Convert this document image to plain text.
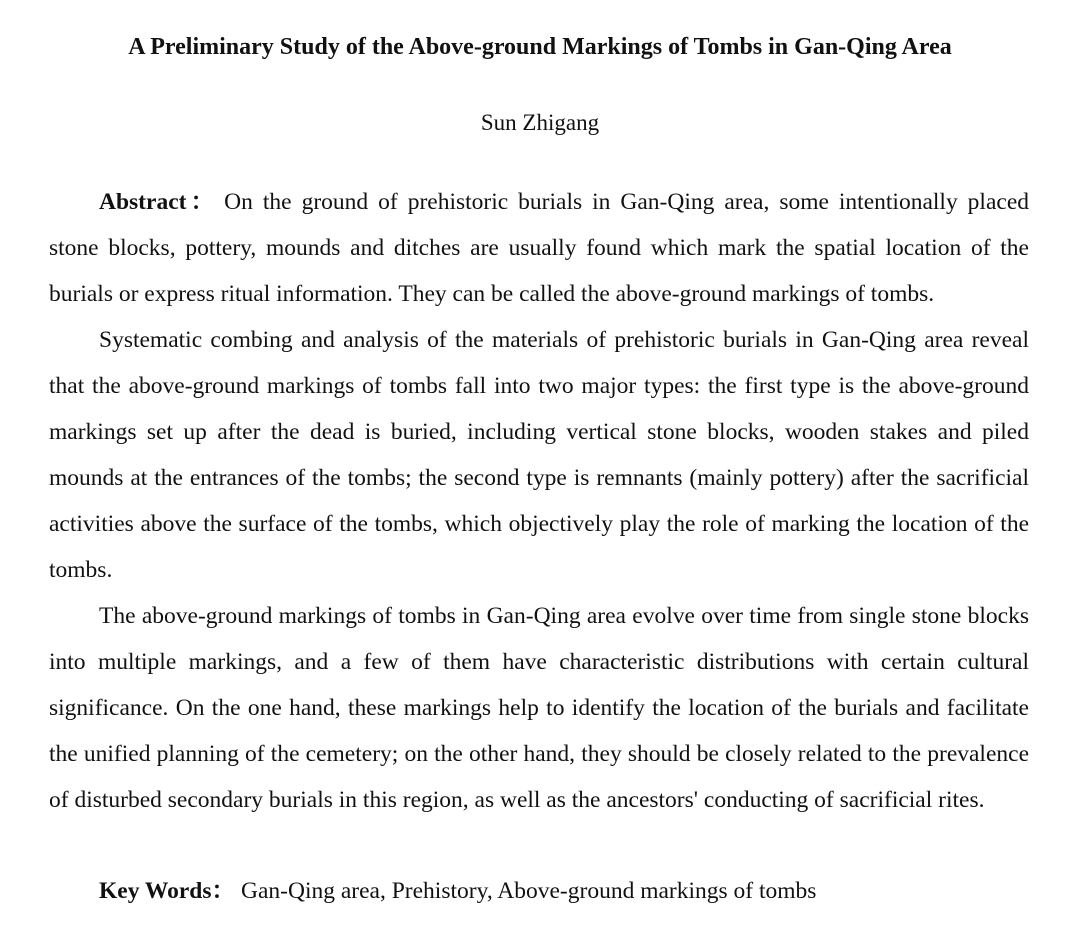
A Preliminary Study of the Above-ground Markings of Tombs in Gan-Qing Area
Sun Zhigang

Abstract： On the ground of prehistoric burials in Gan-Qing area, some intentionally placed stone blocks, pottery, mounds and ditches are usually found which mark the spatial location of the burials or express ritual information. They can be called the above-ground markings of tombs.

Systematic combing and analysis of the materials of prehistoric burials in Gan-Qing area reveal that the above-ground markings of tombs fall into two major types: the first type is the above-ground markings set up after the dead is buried, including vertical stone blocks, wooden stakes and piled mounds at the entrances of the tombs; the second type is remnants (mainly pottery) after the sacrificial activities above the surface of the tombs, which objectively play the role of marking the location of the tombs.

The above-ground markings of tombs in Gan-Qing area evolve over time from single stone blocks into multiple markings, and a few of them have characteristic distributions with certain cultural significance. On the one hand, these markings help to identify the location of the burials and facilitate the unified planning of the cemetery; on the other hand, they should be closely related to the prevalence of disturbed secondary burials in this region, as well as the ancestors' conducting of sacrificial rites.

Key Words： Gan-Qing area, Prehistory, Above-ground markings of tombs
